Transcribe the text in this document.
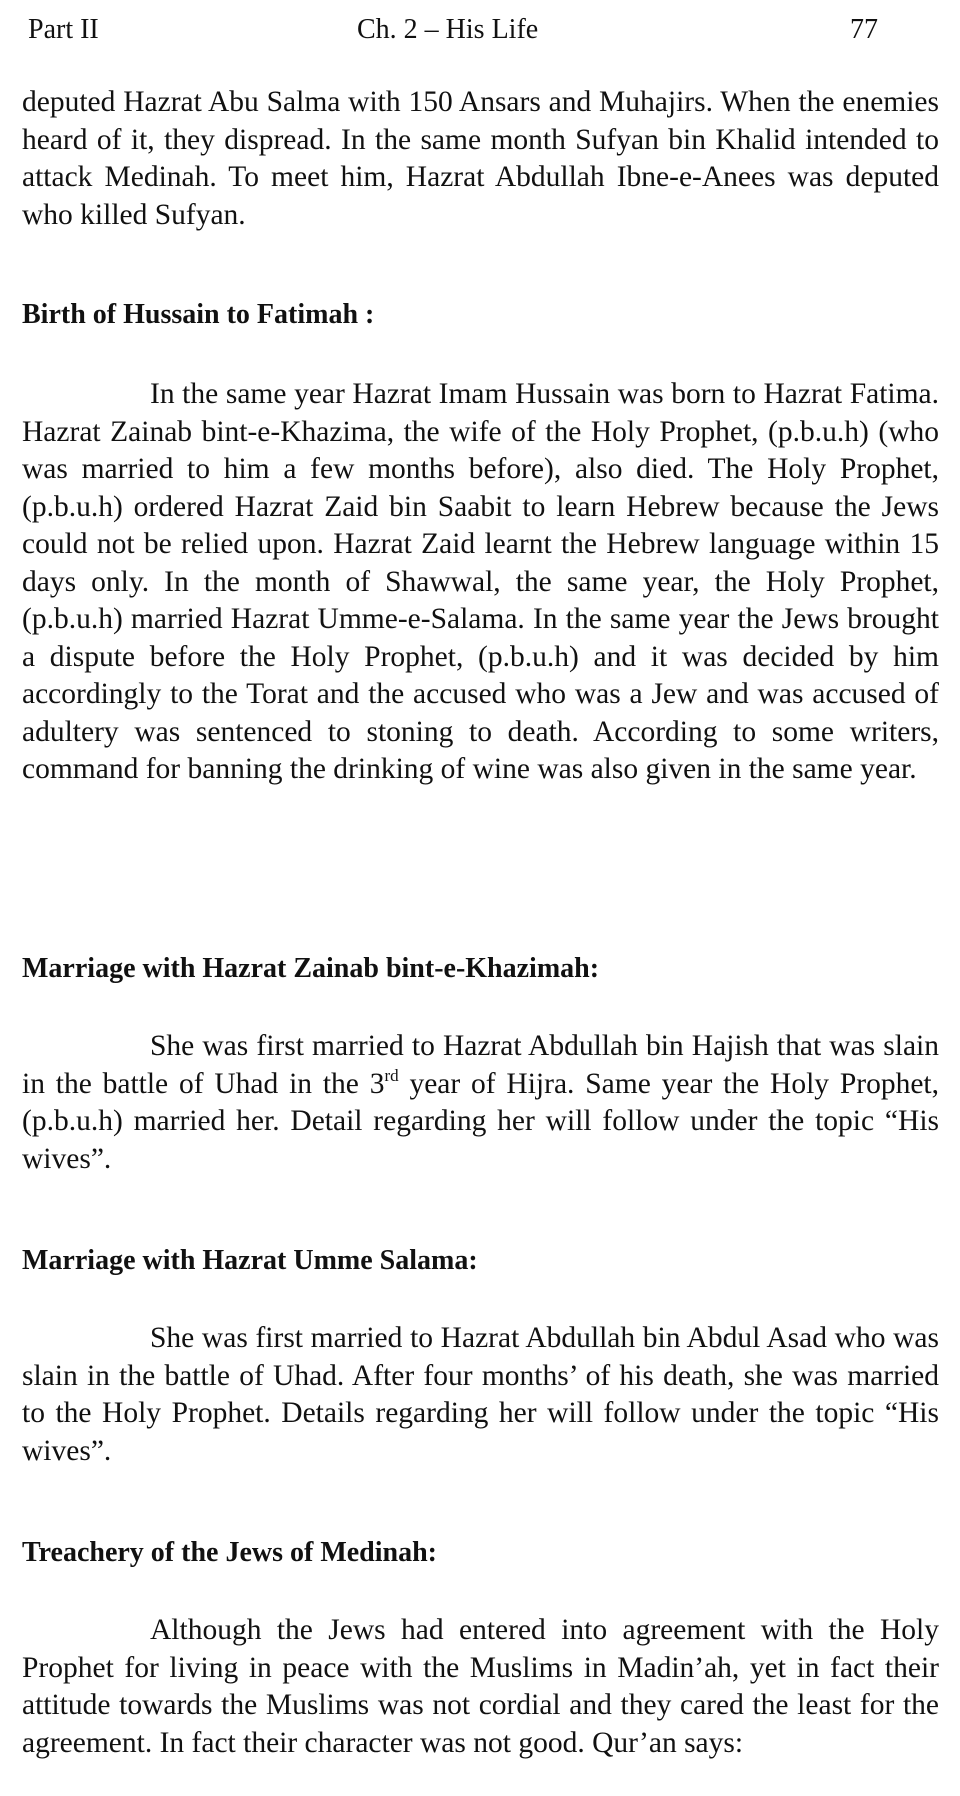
Part II	Ch. 2 – His Life	77

deputed Hazrat Abu Salma with 150 Ansars and Muhajirs. When the enemies heard of it, they dispread. In the same month Sufyan bin Khalid intended to attack Medinah. To meet him, Hazrat Abdullah Ibne-e-Anees was deputed who killed Sufyan.

Birth of Hussain to Fatimah :

In the same year Hazrat Imam Hussain was born to Hazrat Fatima. Hazrat Zainab bint-e-Khazima, the wife of the Holy Prophet, (p.b.u.h) (who was married to him a few months before), also died. The Holy Prophet, (p.b.u.h) ordered Hazrat Zaid bin Saabit to learn Hebrew because the Jews could not be relied upon. Hazrat Zaid learnt the Hebrew language within 15 days only. In the month of Shawwal, the same year, the Holy Prophet, (p.b.u.h) married Hazrat Umme-e-Salama. In the same year the Jews brought a dispute before the Holy Prophet, (p.b.u.h) and it was decided by him accordingly to the Torat and the accused who was a Jew and was accused of adultery was sentenced to stoning to death. According to some writers, command for banning the drinking of wine was also given in the same year.

Marriage with Hazrat Zainab bint-e-Khazimah:

She was first married to Hazrat Abdullah bin Hajish that was slain in the battle of Uhad in the 3rd year of Hijra. Same year the Holy Prophet, (p.b.u.h) married her. Detail regarding her will follow under the topic “His wives”.

Marriage with Hazrat Umme Salama:

She was first married to Hazrat Abdullah bin Abdul Asad who was slain in the battle of Uhad. After four months’ of his death, she was married to the Holy Prophet. Details regarding her will follow under the topic “His wives”.

Treachery of the Jews of Medinah:

Although the Jews had entered into agreement with the Holy Prophet for living in peace with the Muslims in Madin’ah, yet in fact their attitude towards the Muslims was not cordial and they cared the least for the agreement. In fact their character was not good. Qur’an says:
